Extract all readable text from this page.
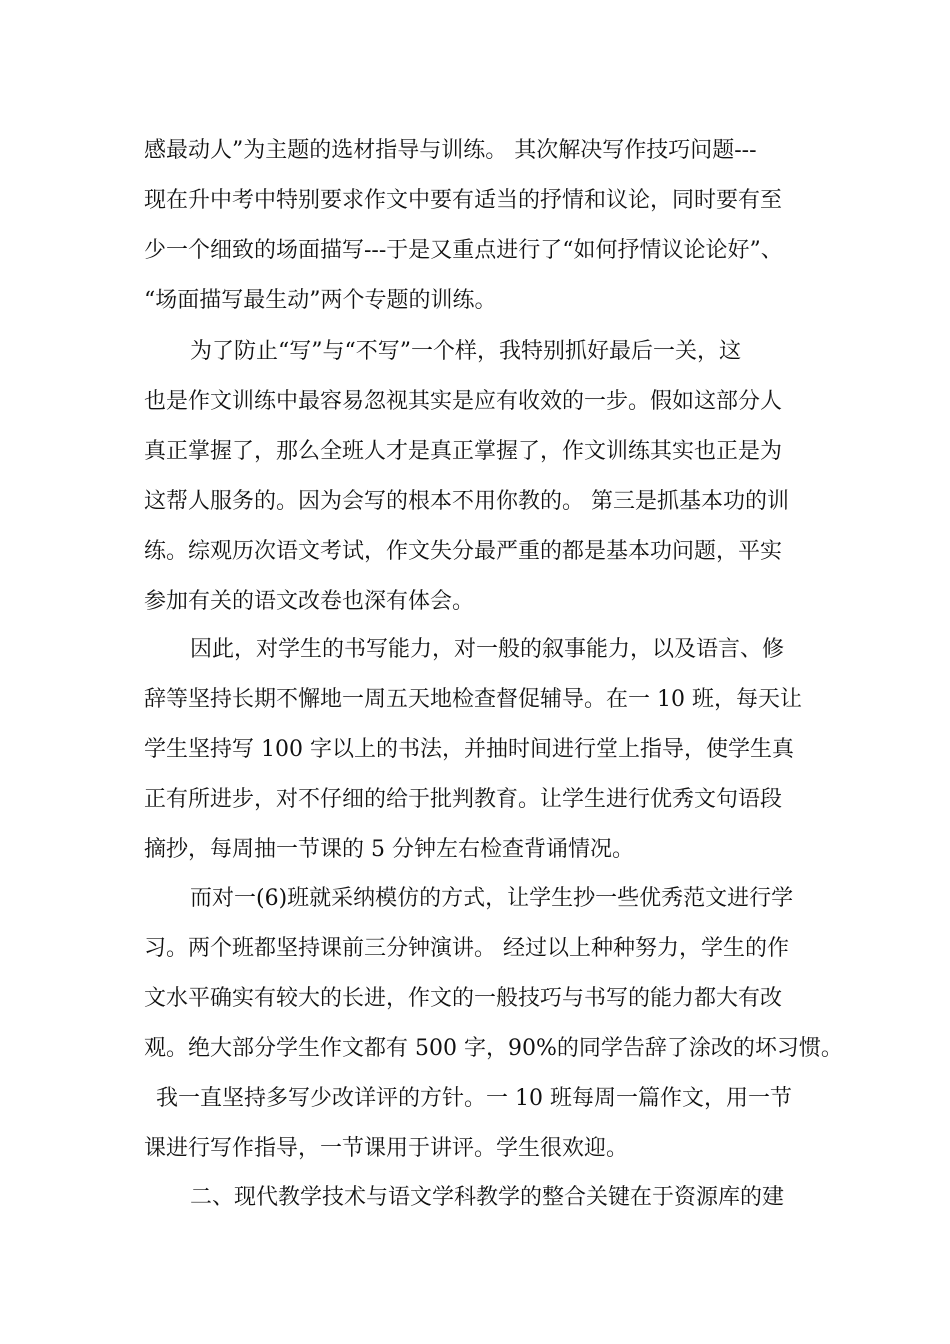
感最动人”为主题的选材指导与训练。 其次解决写作技巧问题---
现在升中考中特别要求作文中要有适当的抒情和议论，同时要有至
少一个细致的场面描写---于是又重点进行了“如何抒情议论论好”、
“场面描写最生动”两个专题的训练。
为了防止“写”与“不写”一个样，我特别抓好最后一关，这
也是作文训练中最容易忽视其实是应有收效的一步。假如这部分人
真正掌握了，那么全班人才是真正掌握了，作文训练其实也正是为
这帮人服务的。因为会写的根本不用你教的。 第三是抓基本功的训
练。综观历次语文考试，作文失分最严重的都是基本功问题，平实
参加有关的语文改卷也深有体会。
因此，对学生的书写能力，对一般的叙事能力，以及语言、修
辞等坚持长期不懈地一周五天地检查督促辅导。在一 10 班，每天让
学生坚持写 100 字以上的书法，并抽时间进行堂上指导，使学生真
正有所进步，对不仔细的给于批判教育。让学生进行优秀文句语段
摘抄，每周抽一节课的 5 分钟左右检查背诵情况。
而对一(6)班就采纳模仿的方式，让学生抄一些优秀范文进行学
习。两个班都坚持课前三分钟演讲。 经过以上种种努力，学生的作
文水平确实有较大的长进，作文的一般技巧与书写的能力都大有改
观。绝大部分学生作文都有 500 字，90%的同学告辞了涂改的坏习惯。
我一直坚持多写少改详评的方针。一 10 班每周一篇作文，用一节
课进行写作指导，一节课用于讲评。学生很欢迎。
二、现代教学技术与语文学科教学的整合关键在于资源库的建
